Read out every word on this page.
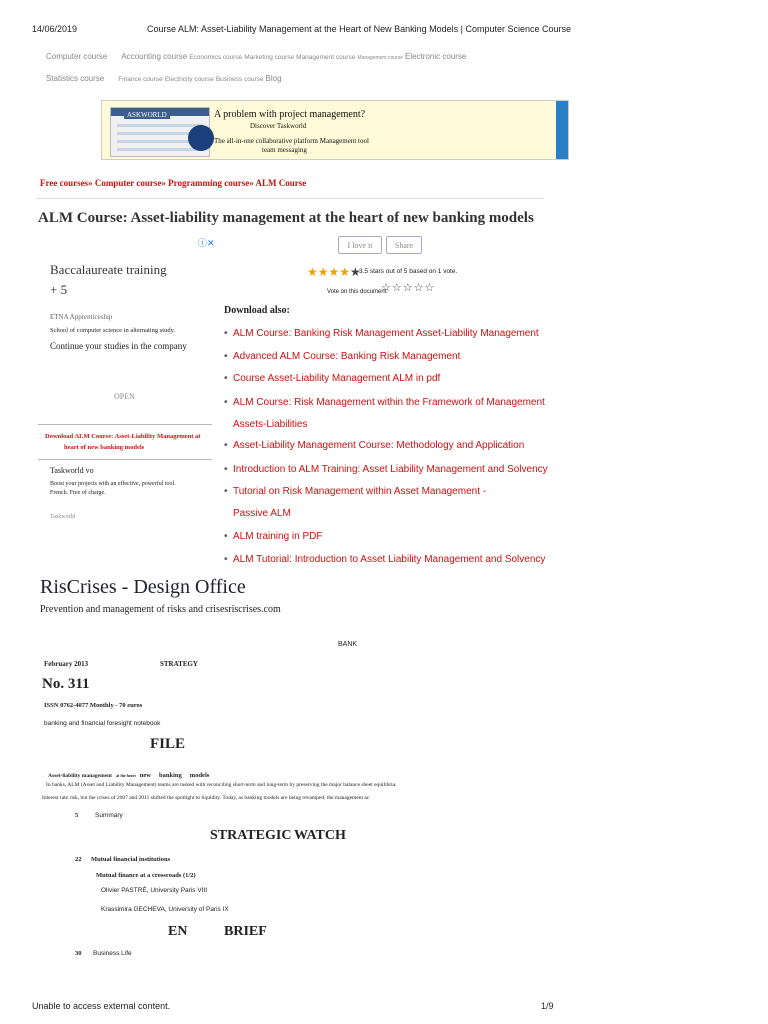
14/06/2019	Course ALM: Asset-Liability Management at the Heart of New Banking Models | Computer Science Course
Computer course Accounting course Economics course Marketing course Management course Management course Electronic course
Statistics course Finance course Electricity course Business course Blog
ASKWORLD	A problem with project management?
Discover Taskworld
The all-in-one collaborative platform Management tool
team messaging
Free courses» Computer course» Programming course» ALM Course
ALM Course: Asset-liability management at the heart of new banking models
ⓘ✕	I love it	Share
★★★★★
3.5 stars out of 5 based on 1 vote.
Vote on this document:
☆☆☆☆☆
Baccalaureate training
+ 5
ETNA Apprenticeship
School of computer science in alternating study.
Continue your studies in the company
OPEN
Download ALM Course: Asset-Liability Management at
heart of new banking models
Taskworld vo
Boost your projects with an effective, powerful tool.
French. Free of charge.
Taskworld
Download also:
• ALM Course: Banking Risk Management Asset-Liability Management
• Advanced ALM Course: Banking Risk Management
• Course Asset-Liability Management ALM in pdf
• ALM Course: Risk Management within the Framework of Management
Assets-Liabilities
• Asset-Liability Management Course: Methodology and Application
• Introduction to ALM Training: Asset Liability Management and Solvency
• Tutorial on Risk Management within Asset Management -
Passive ALM
• ALM training in PDF
• ALM Tutorial: Introduction to Asset Liability Management and Solvency
RisCrises - Design Office
Prevention and management of risks and crisesriscrises.com
BANK
February 2013	STRATEGY
No. 311
ISSN 0762-4077 Monthly - 70 euros
banking and financial foresight notebook
FILE
Asset-liability management at the heart new banking models
In banks, ALM (Asset and Liability Management) teams are tasked with reconciling short-term and long-term by preserving the major balance sheet equilibria.
Interest rate risk, but the crises of 2007 and 2011 shifted the spotlight to liquidity. Today, as banking models are being revamped, the management ac
5	Summary
STRATEGIC WATCH
22 Mutual financial institutions
Mutual finance at a crossroads (1/2)
Olivier PASTRÉ, University Paris VIII
Krassimira GECHEVA, University of Paris IX
EN	BRIEF
30 Business Life
Unable to access external content.	1/9
